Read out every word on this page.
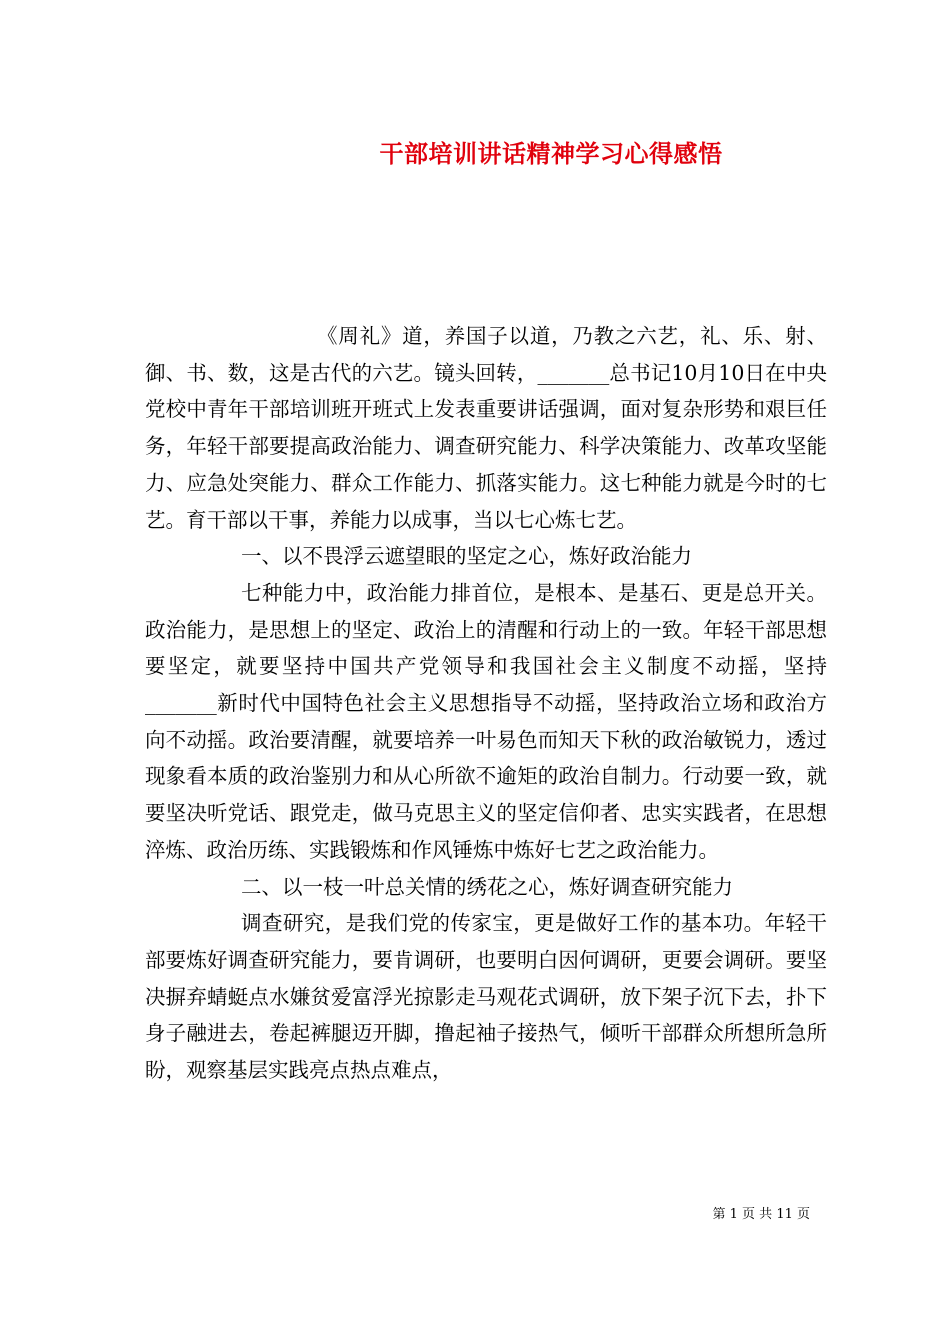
干部培训讲话精神学习心得感悟

《周礼》道，养国子以道，乃教之六艺，礼、乐、射、御、书、数，这是古代的六艺。镜头回转，_______总书记10月10日在中央党校中青年干部培训班开班式上发表重要讲话强调，面对复杂形势和艰巨任务，年轻干部要提高政治能力、调查研究能力、科学决策能力、改革攻坚能力、应急处突能力、群众工作能力、抓落实能力。这七种能力就是今时的七艺。育干部以干事，养能力以成事，当以七心炼七艺。

一、以不畏浮云遮望眼的坚定之心，炼好政治能力

七种能力中，政治能力排首位，是根本、是基石、更是总开关。政治能力，是思想上的坚定、政治上的清醒和行动上的一致。年轻干部思想要坚定，就要坚持中国共产党领导和我国社会主义制度不动摇，坚持_______新时代中国特色社会主义思想指导不动摇，坚持政治立场和政治方向不动摇。政治要清醒，就要培养一叶易色而知天下秋的政治敏锐力，透过现象看本质的政治鉴别力和从心所欲不逾矩的政治自制力。行动要一致，就要坚决听党话、跟党走，做马克思主义的坚定信仰者、忠实实践者，在思想淬炼、政治历练、实践锻炼和作风锤炼中炼好七艺之政治能力。

二、以一枝一叶总关情的绣花之心，炼好调查研究能力

调查研究，是我们党的传家宝，更是做好工作的基本功。年轻干部要炼好调查研究能力，要肯调研，也要明白因何调研，更要会调研。要坚决摒弃蜻蜓点水嫌贫爱富浮光掠影走马观花式调研，放下架子沉下去，扑下身子融进去，卷起裤腿迈开脚，撸起袖子接热气，倾听干部群众所想所急所盼，观察基层实践亮点热点难点，

第 1 页 共 11 页
